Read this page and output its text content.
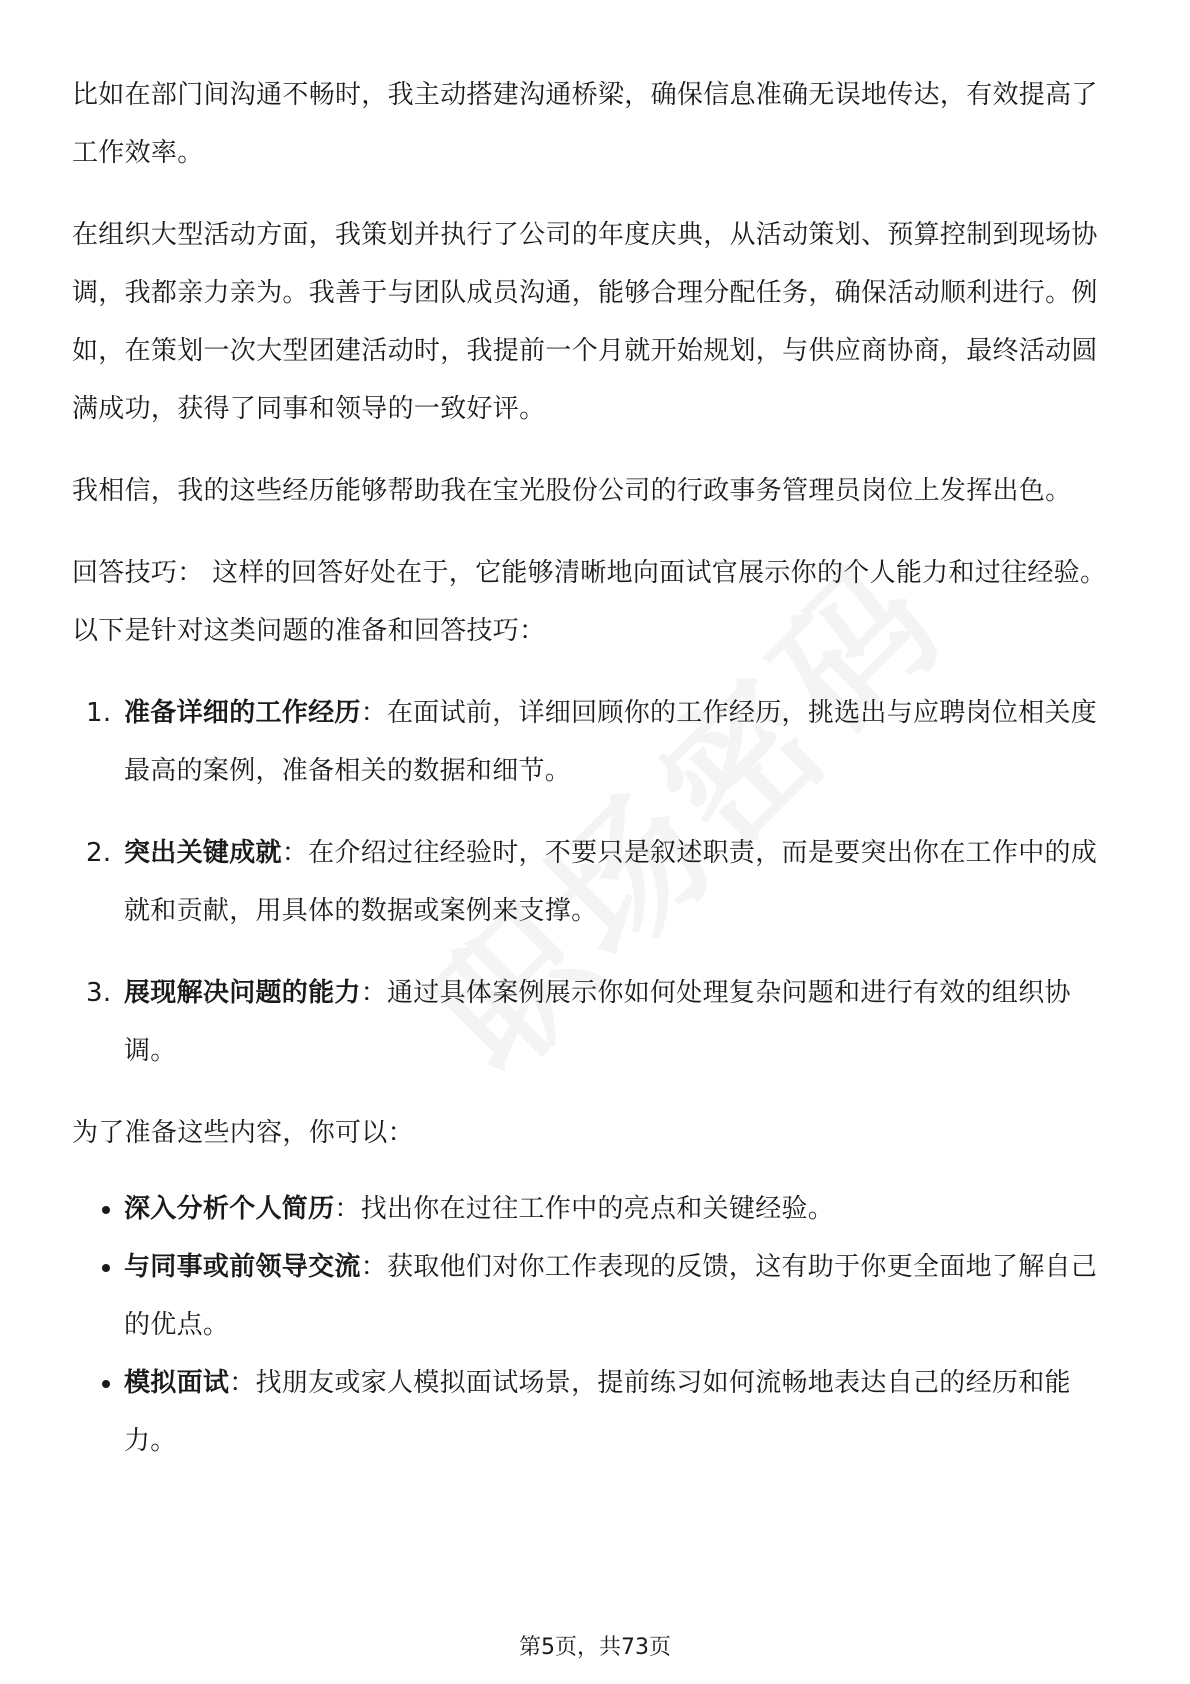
比如在部门间沟通不畅时，我主动搭建沟通桥梁，确保信息准确无误地传达，有效提高了工作效率。

在组织大型活动方面，我策划并执行了公司的年度庆典，从活动策划、预算控制到现场协调，我都亲力亲为。我善于与团队成员沟通，能够合理分配任务，确保活动顺利进行。例如，在策划一次大型团建活动时，我提前一个月就开始规划，与供应商协商，最终活动圆满成功，获得了同事和领导的一致好评。

我相信，我的这些经历能够帮助我在宝光股份公司的行政事务管理员岗位上发挥出色。

回答技巧： 这样的回答好处在于，它能够清晰地向面试官展示你的个人能力和过往经验。以下是针对这类问题的准备和回答技巧：

1. 准备详细的工作经历：在面试前，详细回顾你的工作经历，挑选出与应聘岗位相关度最高的案例，准备相关的数据和细节。
2. 突出关键成就：在介绍过往经验时，不要只是叙述职责，而是要突出你在工作中的成就和贡献，用具体的数据或案例来支撑。
3. 展现解决问题的能力：通过具体案例展示你如何处理复杂问题和进行有效的组织协调。

为了准备这些内容，你可以：

深入分析个人简历：找出你在过往工作中的亮点和关键经验。
与同事或前领导交流：获取他们对你工作表现的反馈，这有助于你更全面地了解自己的优点。
模拟面试：找朋友或家人模拟面试场景，提前练习如何流畅地表达自己的经历和能力。
第5页，共73页
